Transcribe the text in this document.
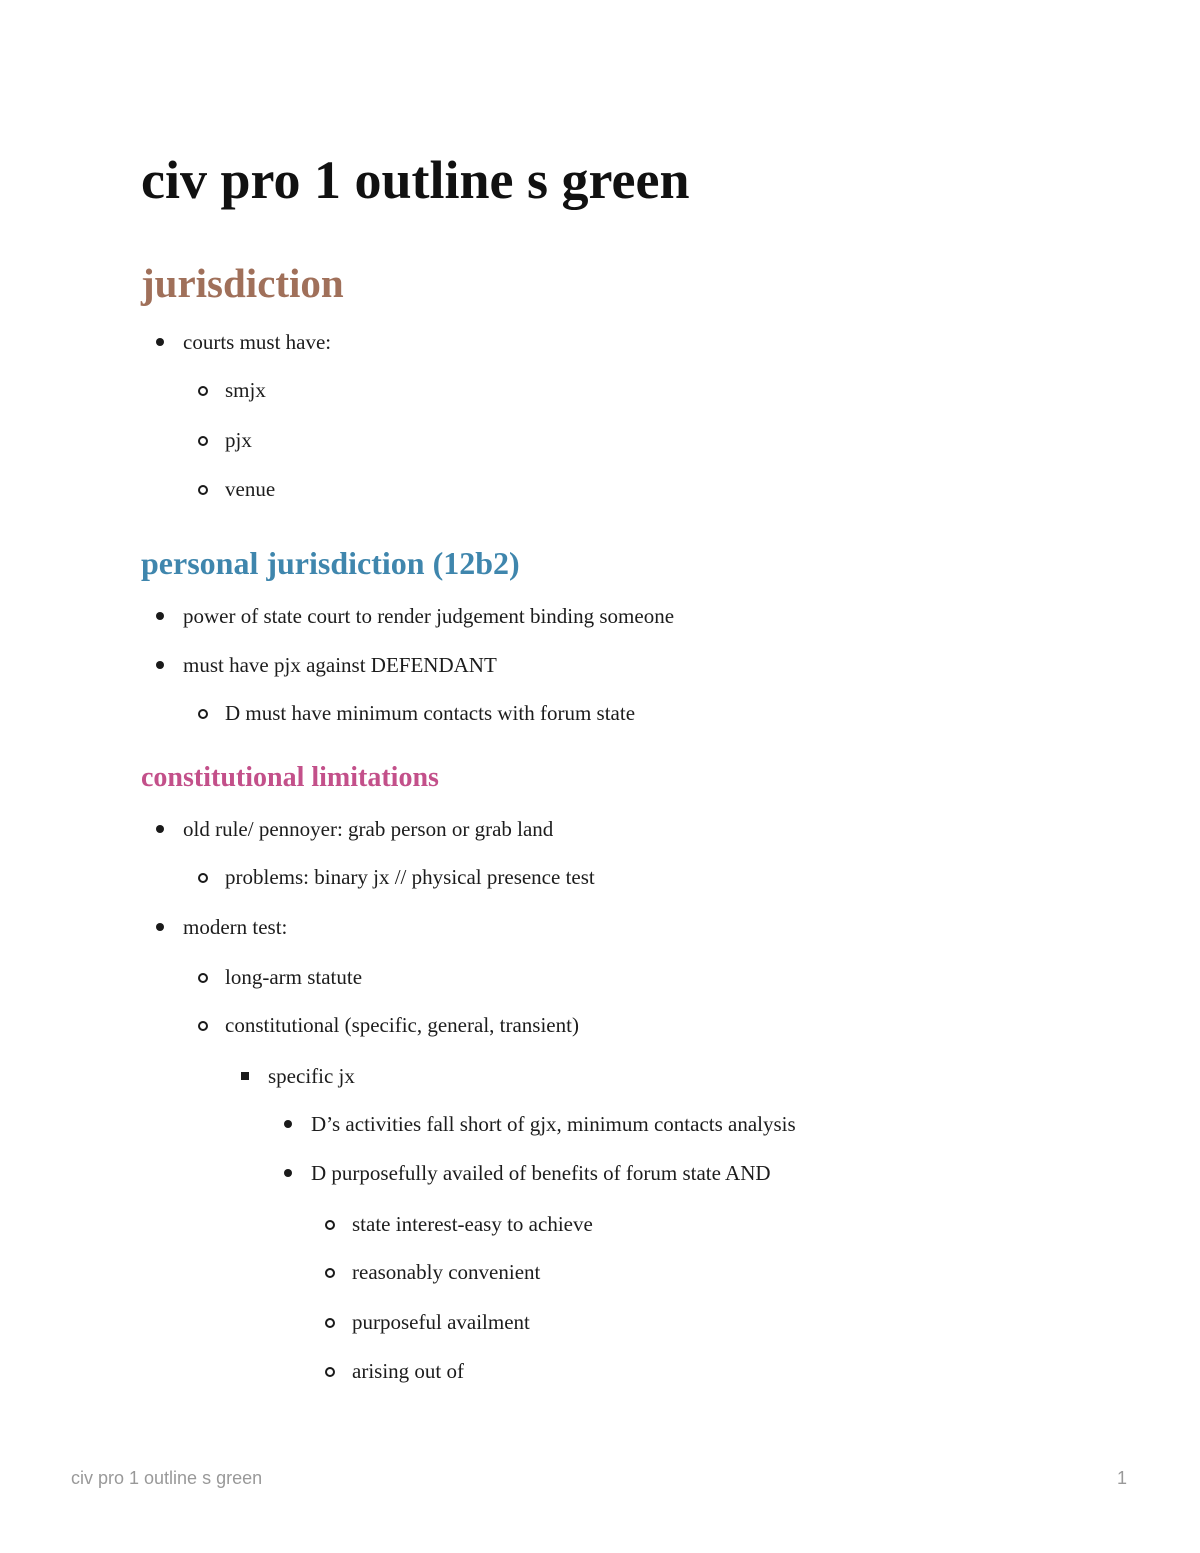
civ pro 1 outline s green
jurisdiction
courts must have:
smjx
pjx
venue
personal jurisdiction (12b2)
power of state court to render judgement binding someone
must have pjx against DEFENDANT
D must have minimum contacts with forum state
constitutional limitations
old rule/ pennoyer: grab person or grab land
problems: binary jx // physical presence test
modern test:
long-arm statute
constitutional (specific, general, transient)
specific jx
D’s activities fall short of gjx, minimum contacts analysis
D purposefully availed of benefits of forum state AND
state interest-easy to achieve
reasonably convenient
purposeful availment
arising out of
civ pro 1 outline s green	1
